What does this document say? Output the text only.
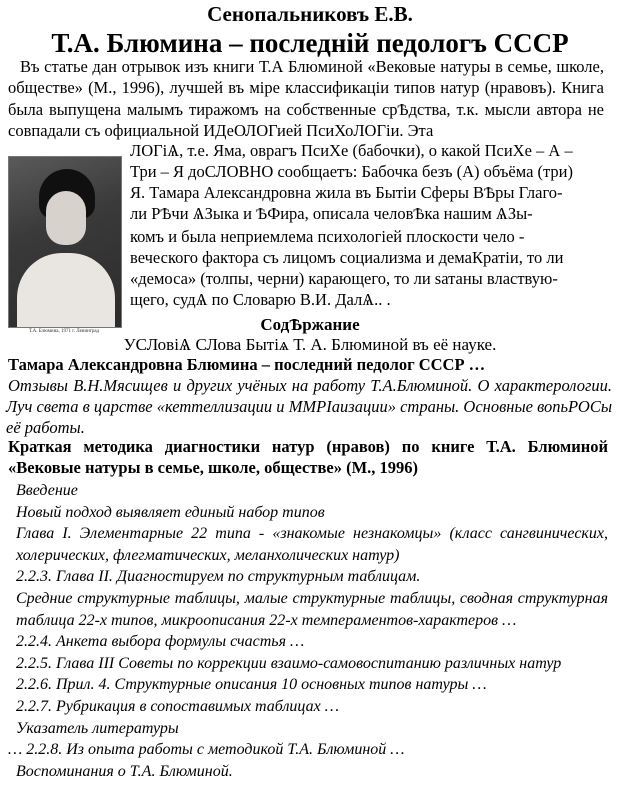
Сенопальниковъ Е.В.
Т.А. Блюмина – последнiй педологъ СССР
Въ статье дан отрывок изъ книги Т.А Блюминой «Вековые натуры в семье, школе, обществе» (М., 1996), лучшей въ мiре классификацiи типов натур (нравовъ). Книга была выпущена малымъ тиражомъ на собственные срѢдства, т.к. мысли автора не совпадали съ официальной ИДеОЛОГией ПсиХоЛОГiи. Эта
Т.А. Блюмина, 1971 г. Ленинград
ЛОГiѦ, т.е. Яма, оврагъ ПсиХе (бабочки), о какой ПсиХе – А –
Три – Я доСЛОВНО сообщаетъ: Бабочка безъ (А) объёма (три)
Я. Тамара Александровна жила въ Бытiи Сферы ВѢры Глаго-
ли РѢчи ѦЗыка и ѢФира, описала человѢка нашим ѦЗы-
комъ и была неприемлема психологiей плоскости чело -
веческого фактора съ лицомъ социализма и демаКратiи, то ли
«демоса» (толпы, черни) карающего, то ли sатаны властвую-
щего, судѦ по Словарю В.И. ДалѦ.. .
СодѢржание
УСЛовiѦ СЛова Бытiѧ Т. А. Блюминой въ её науке.
Тамара Александровна Блюмина – последний педолог СССР …
Отзывы В.Н.Мясищев и других учёных на работу Т.А.Блюминой. О характерологии. Луч света в царстве «кеттеллизации и ММРIаизации» страны. Основные вопьРОСы её работы.
Краткая методика диагностики натур (нравов) по книге Т.А. Блюминой «Вековые натуры в семье, школе, обществе» (М., 1996)
Введение
Новый подход выявляет единый набор типов
Глава I. Элементарные 22 типа - «знакомые незнакомцы» (класс сангвинических, холерических, флегматических, меланхолических натур)
2.2.3. Глава II. Диагностируем по структурным таблицам.
Средние структурные таблицы, малые структурные таблицы, сводная структурная таблица 22-х типов, микроописания 22-х темпераментов-характеров …
2.2.4. Анкета выбора формулы счастья …
2.2.5. Глава III Советы по коррекции взаимо-самовоспитанию различных натур
2.2.6. Прил. 4. Структурные описания 10 основных типов натуры …
2.2.7. Рубрикация в сопоставимых таблицах …
Указатель литературы
… 2.2.8. Из опыта работы с методикой Т.А. Блюминой …
Воспоминания о Т.А. Блюминой.
